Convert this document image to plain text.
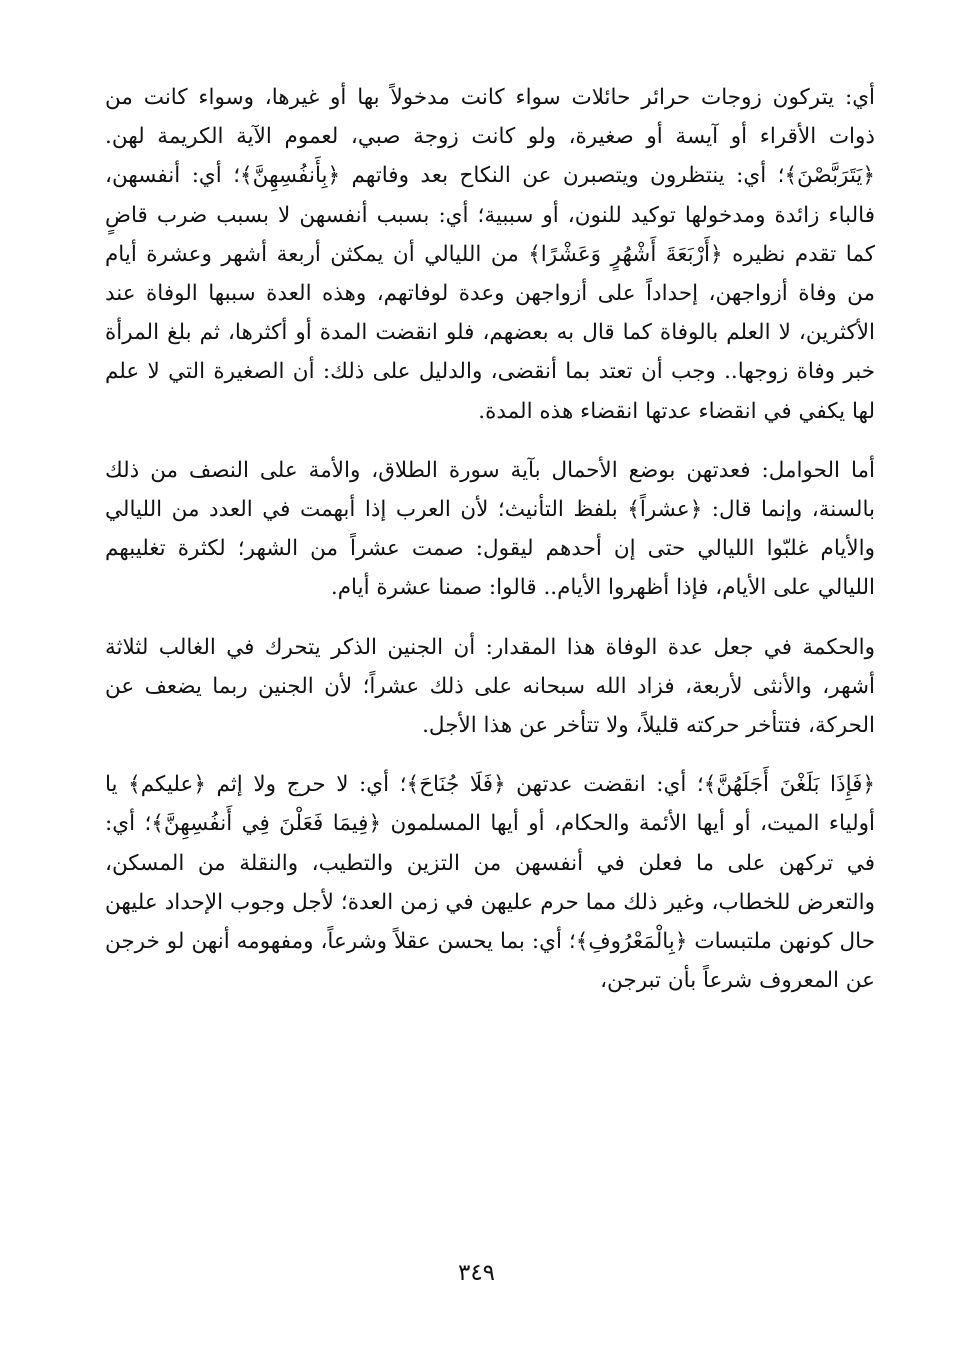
أي: يتركون زوجات حرائر حائلات سواء كانت مدخولاً بها أو غيرها، وسواء كانت من ذوات الأقراء أو آيسة أو صغيرة، ولو كانت زوجة صبي، لعموم الآية الكريمة لهن. ﴿يَتَرَبَّصْنَ﴾؛ أي: ينتظرون ويتصبرن عن النكاح بعد وفاتهم ﴿بِأَنفُسِهِنَّ﴾؛ أي: أنفسهن، فالباء زائدة ومدخولها توكيد للنون، أو سببية؛ أي: بسبب أنفسهن لا بسبب ضرب قاضٍ كما تقدم نظيره ﴿أَرْبَعَةَ أَشْهُرٍ وَعَشْرًا﴾ من الليالي أن يمكثن أربعة أشهر وعشرة أيام من وفاة أزواجهن، إحداداً على أزواجهن وعدة لوفاتهم، وهذه العدة سببها الوفاة عند الأكثرين، لا العلم بالوفاة كما قال به بعضهم، فلو انقضت المدة أو أكثرها، ثم بلغ المرأة خبر وفاة زوجها.. وجب أن تعتد بما أنقضى، والدليل على ذلك: أن الصغيرة التي لا علم لها يكفي في انقضاء عدتها انقضاء هذه المدة.

أما الحوامل: فعدتهن بوضع الأحمال بآية سورة الطلاق، والأمة على النصف من ذلك بالسنة، وإنما قال: ﴿عشراً﴾ بلفظ التأنيث؛ لأن العرب إذا أبهمت في العدد من الليالي والأيام غلبّوا الليالي حتى إن أحدهم ليقول: صمت عشراً من الشهر؛ لكثرة تغليبهم الليالي على الأيام، فإذا أظهروا الأيام.. قالوا: صمنا عشرة أيام.

والحكمة في جعل عدة الوفاة هذا المقدار: أن الجنين الذكر يتحرك في الغالب لثلاثة أشهر، والأنثى لأربعة، فزاد الله سبحانه على ذلك عشراً؛ لأن الجنين ربما يضعف عن الحركة، فتتأخر حركته قليلاً، ولا تتأخر عن هذا الأجل.

﴿فَإِذَا بَلَغْنَ أَجَلَهُنَّ﴾؛ أي: انقضت عدتهن ﴿فَلَا جُنَاحَ﴾؛ أي: لا حرج ولا إثم ﴿عليكم﴾ يا أولياء الميت، أو أيها الأئمة والحكام، أو أيها المسلمون ﴿فِيمَا فَعَلْنَ فِي أَنفُسِهِنَّ﴾؛ أي: في تركهن على ما فعلن في أنفسهن من التزين والتطيب، والنقلة من المسكن، والتعرض للخطاب، وغير ذلك مما حرم عليهن في زمن العدة؛ لأجل وجوب الإحداد عليهن حال كونهن ملتبسات ﴿بِالْمَعْرُوفِ﴾؛ أي: بما يحسن عقلاً وشرعاً، ومفهومه أنهن لو خرجن عن المعروف شرعاً بأن تبرجن،

٣٤٩
